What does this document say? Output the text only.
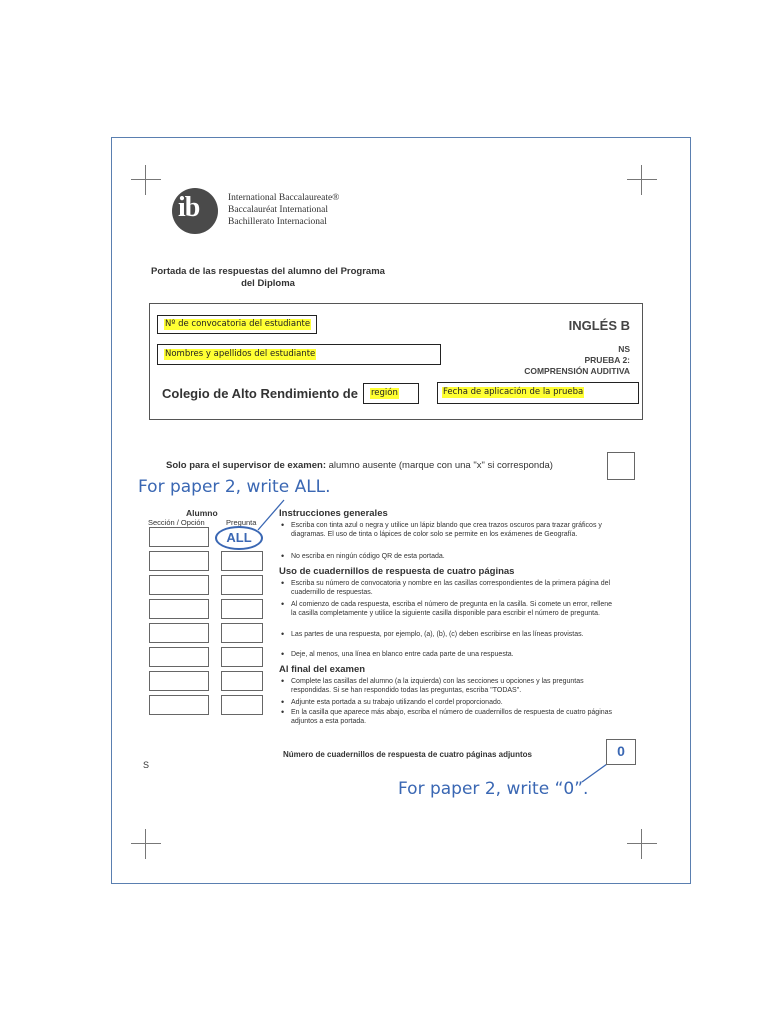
ib	International Baccalaureate®
Baccalauréat International
Bachillerato Internacional
Portada de las respuestas del alumno del Programa
del Diploma
Nº de convocatoria del estudiante
Nombres y apellidos del estudiante
INGLÉS B
NS
PRUEBA 2:
COMPRENSIÓN AUDITIVA
Colegio de Alto Rendimiento de región	Fecha de aplicación de la prueba
Solo para el supervisor de examen: alumno ausente (marque con una "x" si corresponda)
For paper 2, write ALL.
Alumno
Sección / Opción	Pregunta
ALL
Instrucciones generales
• Escriba con tinta azul o negra y utilice un lápiz blando que crea trazos oscuros para trazar gráficos y diagramas. El uso de tinta o lápices de color solo se permite en los exámenes de Geografía.
• No escriba en ningún código QR de esta portada.
Uso de cuadernillos de respuesta de cuatro páginas
• Escriba su número de convocatoria y nombre en las casillas correspondientes de la primera página del cuadernillo de respuestas.
• Al comienzo de cada respuesta, escriba el número de pregunta en la casilla. Si comete un error, rellene la casilla completamente y utilice la siguiente casilla disponible para escribir el número de pregunta.
• Las partes de una respuesta, por ejemplo, (a), (b), (c) deben escribirse en las líneas provistas.
• Deje, al menos, una línea en blanco entre cada parte de una respuesta.
Al final del examen
• Complete las casillas del alumno (a la izquierda) con las secciones u opciones y las preguntas respondidas. Si se han respondido todas las preguntas, escriba "TODAS".
• Adjunte esta portada a su trabajo utilizando el cordel proporcionado.
• En la casilla que aparece más abajo, escriba el número de cuadernillos de respuesta de cuatro páginas adjuntos a esta portada.
Número de cuadernillos de respuesta de cuatro páginas adjuntos	0
S
For paper 2, write “0”.
